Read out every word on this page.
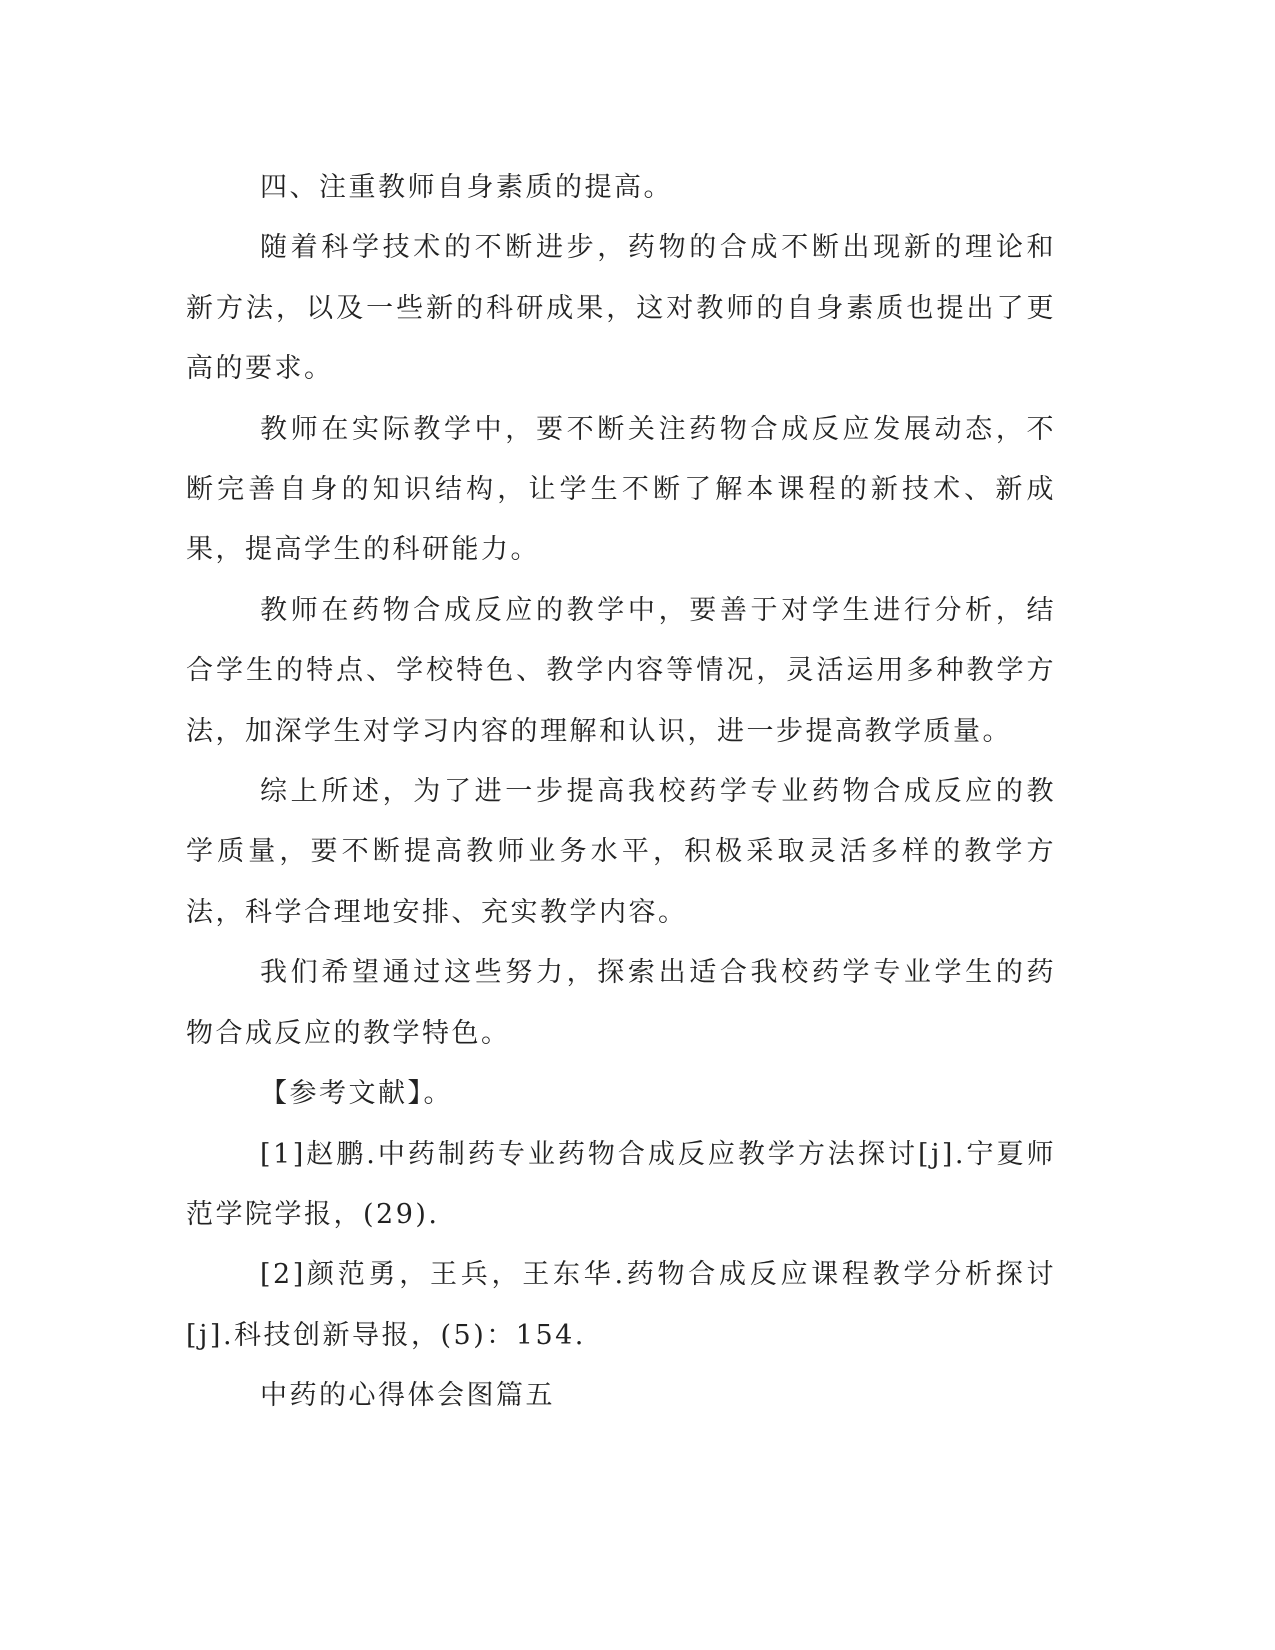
四、注重教师自身素质的提高。

随着科学技术的不断进步，药物的合成不断出现新的理论和新方法，以及一些新的科研成果，这对教师的自身素质也提出了更高的要求。

教师在实际教学中，要不断关注药物合成反应发展动态，不断完善自身的知识结构，让学生不断了解本课程的新技术、新成果，提高学生的科研能力。

教师在药物合成反应的教学中，要善于对学生进行分析，结合学生的特点、学校特色、教学内容等情况，灵活运用多种教学方法，加深学生对学习内容的理解和认识，进一步提高教学质量。

综上所述，为了进一步提高我校药学专业药物合成反应的教学质量，要不断提高教师业务水平，积极采取灵活多样的教学方法，科学合理地安排、充实教学内容。

我们希望通过这些努力，探索出适合我校药学专业学生的药物合成反应的教学特色。

【参考文献】。

[1]赵鹏.中药制药专业药物合成反应教学方法探讨[j].宁夏师范学院学报，(29).

[2]颜范勇，王兵，王东华.药物合成反应课程教学分析探讨[j].科技创新导报，(5)：154.

中药的心得体会图篇五
